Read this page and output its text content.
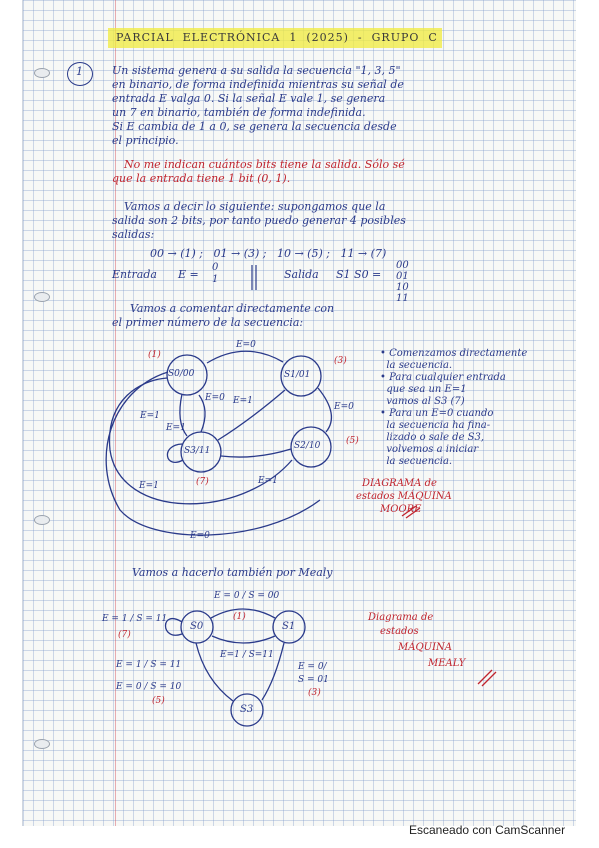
PARCIAL  ELECTRÓNICA  1  (2025)  -  GRUPO  C
1	Un sistema genera a su salida la secuencia "1, 3, 5"
en binario, de forma indefinida mientras su señal de
entrada E valga 0. Si la señal E vale 1, se genera
un 7 en binario, también de forma indefinida.
Si E cambia de 1 a 0, se genera la secuencia desde
el principio.
No me indican cuántos bits tiene la salida. Sólo sé
que la entrada tiene 1 bit (0, 1).
Vamos a decir lo siguiente: supongamos que la
salida son 2 bits, por tanto puedo generar 4 posibles
salidas:
00 → (1) ;   01 → (3) ;   10 → (5) ;   11 → (7)
Entrada E =
0
1	Salida S1 S0 =
00
01
10
11
Vamos a comentar directamente con
el primer número de la secuencia:
S0/00	S1/01
S2/10
S3/11
(1)
(3)
(5)
(7)
E=0
E=0
E=1
E=0 E=1
E=1
E=1
E=0
E=1
• Comenzamos directamente
la secuencia.
• Para cualquier entrada
que sea un E=1
vamos al S3 (7)
• Para un E=0 cuando
la secuencia ha fina-
lizado o sale de S3,
volvemos a iniciar
la secuencia.
DIAGRAMA de
estados MÁQUINA
MOORE
Vamos a hacerlo también por Mealy
S0	S1
S3
E = 0 / S = 00
(1)
E = 1 / S = 11
(7)
E=1 / S=11
E = 0/
S = 01
(3)
E = 1 / S = 11
E = 0 / S = 10
(5)
Diagrama de
estados
MÁQUINA
MEALY
Escaneado con CamScanner
